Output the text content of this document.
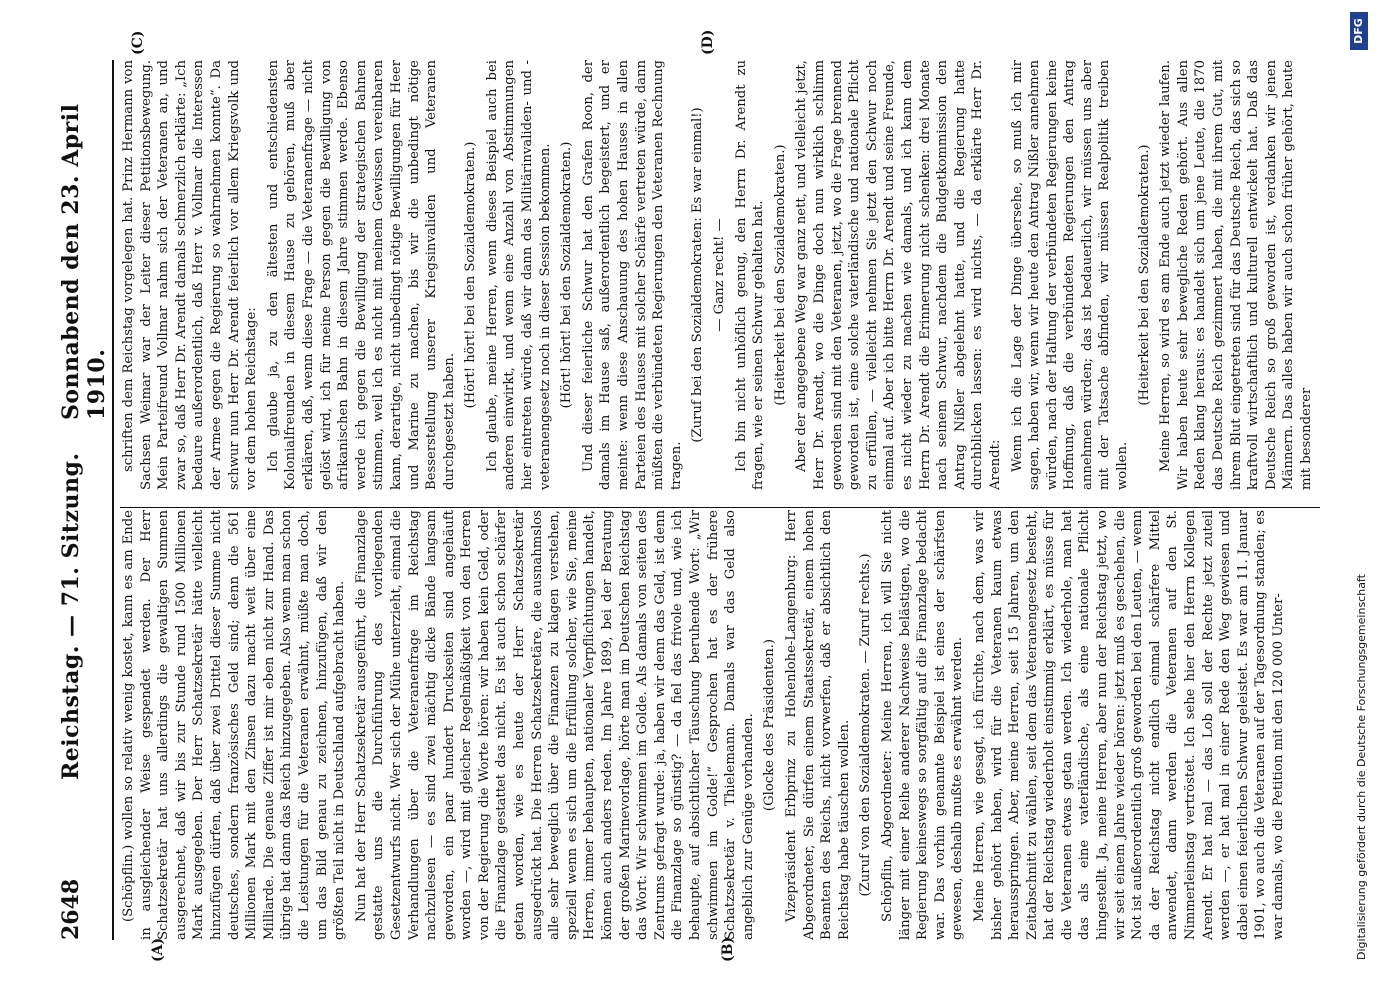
2648
Reichstag. — 71. Sitzung.
Sonnabend den 23. April 1910.
(A)	(B)
(C)	(D)

(Schöpflin.) wollen so relativ wenig kostet, kann es am Ende in ausgleichender Weise gespendet werden. Der Herr Schatzsekretär hat uns allerdings die gewaltigen Summen ausgerechnet, daß wir bis zur Stunde rund 1500 Millionen Mark ausgegeben. Der Herr Schatzsekretär hätte vielleicht hinzufügen dürfen, daß über zwei Drittel dieser Summe nicht deutsches, sondern französisches Geld sind; denn die 561 Millionen Mark mit den Zinsen dazu macht weit über eine Milliarde. Die genaue Ziffer ist mir eben nicht zur Hand. Das übrige hat dann das Reich hinzugegeben. Also wenn man schon die Leistungen für die Veteranen erwähnt, müßte man doch, um das Bild genau zu zeichnen, hinzufügen, daß wir den größten Teil nicht in Deutschland aufgebracht haben. Nun hat der Herr Schatzsekretär ausgeführt, die Finanzlage gestatte uns die Durchführung des vorliegenden Gesetzentwurfs nicht. Wer sich der Mühe unterzieht, einmal die Verhandlungen über die Veteranenfrage im Reichstag nachzulesen — es sind zwei mächtig dicke Bände langsam geworden, ein paar hundert Druckseiten sind angehäuft worden —, wird mit gleicher Regelmäßigkeit von den Herren von der Regierung die Worte hören: wir haben kein Geld, oder die Finanzlage gestattet das nicht. Es ist auch schon schärfer getan worden, wie es heute der Herr Schatzsekretär ausgedrückt hat. Die Herren Schatzsekretäre, die ausnahmslos alle sehr beweglich über die Finanzen zu klagen verstehen, speziell wenn es sich um die Erfüllung solcher, wie Sie, meine Herren, immer behaupten, nationaler Verpflichtungen handelt, können auch anders reden. Im Jahre 1899, bei der Beratung der großen Marinevorlage, hörte man im Deutschen Reichstag das Wort: Wir schwimmen im Golde. Als damals von seiten des Zentrums gefragt wurde: ja, haben wir denn das Geld, ist denn die Finanzlage so günstig? — da fiel das frivole und, wie ich behaupte, auf absichtlicher Täuschung beruhende Wort: „Wir schwimmen im Golde!“ Gesprochen hat es der frühere Schatzsekretär v. Thielemann. Damals war das Geld also angeblich zur Genüge vorhanden. (Glocke des Präsidenten.) Vizepräsident Erbprinz zu Hohenlohe-Langenburg: Herr Abgeordneter, Sie dürfen einem Staatssekretär, einem hohen Beamten des Reichs, nicht vorwerfen, daß er absichtlich den Reichstag habe täuschen wollen. (Zuruf von den Sozialdemokraten. — Zuruf rechts.) Schöpflin, Abgeordneter: Meine Herren, ich will Sie nicht länger mit einer Reihe anderer Nachweise belästigen, wo die Regierung keineswegs so sorgfältig auf die Finanzlage bedacht war. Das vorhin genannte Beispiel ist eines der schärfsten gewesen, deshalb mußte es erwähnt werden. Meine Herren, wie gesagt, ich fürchte, nach dem, was wir bisher gehört haben, wird für die Veteranen kaum etwas herausspringen. Aber, meine Herren, seit 15 Jahren, um den Zeitabschnitt zu wählen, seit dem das Veteranengesetz besteht, hat der Reichstag wiederholt einstimmig erklärt, es müsse für die Veteranen etwas getan werden. Ich wiederhole, man hat das als eine vaterländische, als eine nationale Pflicht hingestellt. Ja, meine Herren, aber nun der Reichstag jetzt, wo wir seit einem Jahre wieder hören: jetzt muß es geschehen, die Not ist außerordentlich groß geworden bei den Leuten, — wenn da der Reichstag nicht endlich einmal schärfere Mittel anwendet, dann werden die Veteranen auf den St. Nimmerleinstag vertröstet. Ich sehe hier den Herrn Kollegen Arendt. Er hat mal — das Lob soll der Rechte jetzt zuteil werden —, er hat mal in einer Rede den Weg gewiesen und dabei einen feierlichen Schwur geleistet. Es war am 11. Januar 1901, wo auch die Veteranen auf der Tagesordnung standen; es war damals, wo die Petition mit den 120 000 Unter-

schriften dem Reichstag vorgelegen hat. Prinz Hermann von Sachsen Weimar war der Leiter dieser Petitionsbewegung. Mein Parteifreund Vollmar nahm sich der Veteranen an, und zwar so, daß Herr Dr. Arendt damals schmerzlich erklärte: „Ich bedaure außerordentlich, daß Herr v. Vollmar die Interessen der Armee gegen die Regierung so wahrnehmen konnte“. Da schwur nun Herr Dr. Arendt feierlich vor allem Kriegsvolk und vor dem hohen Reichstage: Ich glaube ja, zu den ältesten und entschiedensten Kolonialfreunden in diesem Hause zu gehören, muß aber erklären, daß, wenn diese Frage — die Veteranenfrage — nicht gelöst wird, ich für meine Person gegen die Bewilligung von afrikanischen Bahn in diesem Jahre stimmen werde. Ebenso werde ich gegen die Bewilligung der strategischen Bahnen stimmen, weil ich es nicht mit meinem Gewissen vereinbaren kann, derartige, nicht unbedingt nötige Bewilligungen für Heer und Marine zu machen, bis wir die unbedingt nötige Besserstellung unserer Kriegsinvaliden und Veteranen durchgesetzt haben.

(Hört! hört! bei den Sozialdemokraten.) Ich glaube, meine Herren, wenn dieses Beispiel auch bei anderen einwirkt, und wenn eine Anzahl von Abstimmungen hier eintreten würde, daß wir dann das Militärinvaliden- und -veteranengesetz noch in dieser Session bekommen. (Hört! hört! bei den Sozialdemokraten.) Und dieser feierliche Schwur hat den Grafen Roon, der damals im Hause saß, außerordentlich begeistert, und er meinte: wenn diese Anschauung des hohen Hauses in allen Parteien des Hauses mit solcher Schärfe vertreten würde, dann müßten die verbündeten Regierungen den Veteranen Rechnung tragen.

(Zuruf bei den Sozialdemokraten: Es war einmal!) — Ganz recht! — Ich bin nicht unhöflich genug, den Herrn Dr. Arendt zu fragen, wie er seinen Schwur gehalten hat. (Heiterkeit bei den Sozialdemokraten.) Aber der angegebene Weg war ganz nett, und vielleicht jetzt, Herr Dr. Arendt, wo die Dinge doch nun wirklich schlimm geworden sind mit den Veteranen, jetzt, wo die Frage brennend geworden ist, eine solche vaterländische und nationale Pflicht zu erfüllen, — vielleicht nehmen Sie jetzt den Schwur noch einmal auf. Aber ich bitte Herrn Dr. Arendt und seine Freunde, es nicht wieder zu machen wie damals, und ich kann dem Herrn Dr. Arendt die Erinnerung nicht schenken: drei Monate nach seinem Schwur, nachdem die Budgetkommission den Antrag Nißler abgelehnt hatte, und die Regierung hatte durchblicken lassen: es wird nichts, — da erklärte Herr Dr. Arendt: Wenn ich die Lage der Dinge übersehe, so muß ich mir sagen, haben wir, wenn wir heute den Antrag Nißler annehmen würden, nach der Haltung der verbündeten Regierungen keine Hoffnung, daß die verbündeten Regierungen den Antrag annehmen würden; das ist bedauerlich, wir müssen uns aber mit der Tatsache abfinden, wir müssen Realpolitik treiben wollen.

(Heiterkeit bei den Sozialdemokraten.) Meine Herren, so wird es am Ende auch jetzt wieder laufen. Wir haben heute sehr bewegliche Reden gehört. Aus allen Reden klang heraus: es handelt sich um jene Leute, die 1870 das Deutsche Reich gezimmert haben, die mit ihrem Gut, mit ihrem Blut eingetreten sind für das Deutsche Reich, das sich so kraftvoll wirtschaftlich und kulturell entwickelt hat. Daß das Deutsche Reich so groß geworden ist, verdanken wir jenen Männern. Das alles haben wir auch schon früher gehört, heute mit besonderer

Digitalisierung gefördert durch die Deutsche Forschungsgemeinschaft
DFG
